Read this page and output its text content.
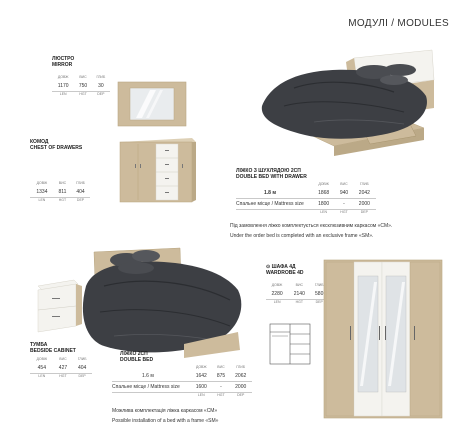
МОДУЛІ / MODULES
ЛЮСТРО
MIRROR
ДОВЖ	ВИС	ГЛИБ
1170	750	30
LEN	HGT	DEP
КОМОД
CHEST OF DRAWERS
ДОВЖ	ВИС	ГЛИБ
1334	811	404
LEN	HGT	DEP
ЛІЖКО З ШУХЛЯДОЮ 2СП
DOUBLE BED WITH DRAWER
	ДОВЖ	ВИС	ГЛИБ
1.8 м	1868	940	2042
Спальне місце / Mattress size	1800	-	2000
	LEN	HGT	DEP
Під замовлення ліжко комплектується ексклюзивним каркасом «СМ».
Under the order bed is completed with an exclusive frame «SM».
ТУМБА
BEDSIDE CABINET
ДОВЖ	ВИС	ГЛИБ
454	427	404
LEN	HGT	DEP
ЛІЖКО 2СП
DOUBLE BED
	ДОВЖ	ВИС	ГЛИБ
1.6 м	1642	875	2062
Спальне місце / Mattress size	1600	-	2000
	LEN	HGT	DEP
Можлива комплектація ліжка каркасом «СМ»
Possible installation of a bed with a frame «SM»
⊙ ШАФА 4Д
WARDROBE 4D
ДОВЖ	ВИС	ГЛИБ
2280	2140	580
LEN	HGT	DEP
